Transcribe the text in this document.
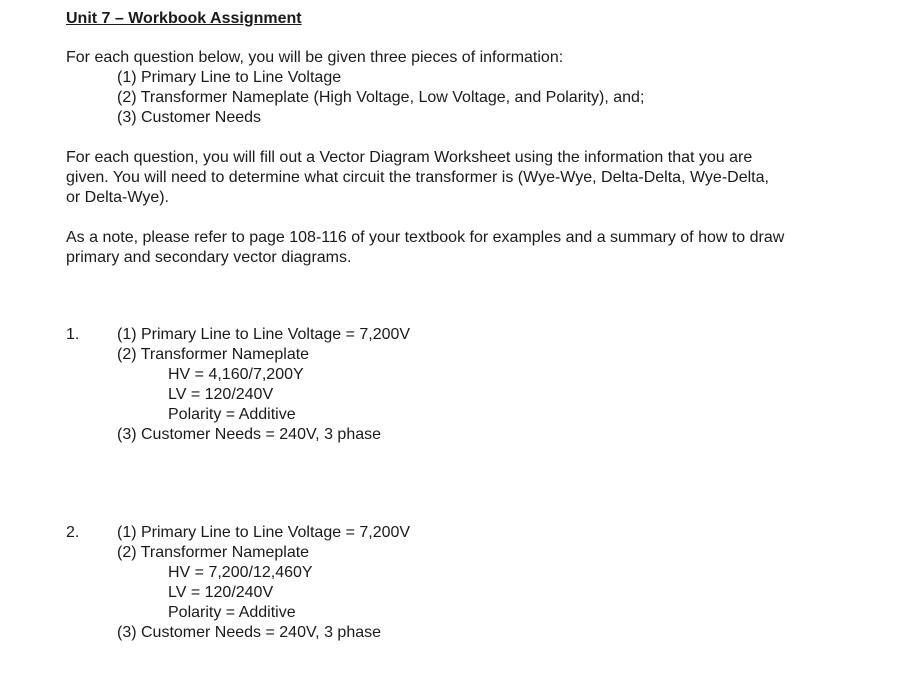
Unit 7 – Workbook Assignment

For each question below, you will be given three pieces of information:

(1) Primary Line to Line Voltage

(2) Transformer Nameplate (High Voltage, Low Voltage, and Polarity), and;

(3) Customer Needs

For each question, you will fill out a Vector Diagram Worksheet using the information that you are

given. You will need to determine what circuit the transformer is (Wye-Wye, Delta-Delta, Wye-Delta,

or Delta-Wye).

As a note, please refer to page 108-116 of your textbook for examples and a summary of how to draw

primary and secondary vector diagrams.

1. (1) Primary Line to Line Voltage = 7,200V
(2) Transformer Nameplate
HV = 4,160/7,200Y
LV = 120/240V
Polarity = Additive
(3) Customer Needs = 240V, 3 phase
2. (1) Primary Line to Line Voltage = 7,200V
(2) Transformer Nameplate
HV = 7,200/12,460Y
LV = 120/240V
Polarity = Additive
(3) Customer Needs = 240V, 3 phase
